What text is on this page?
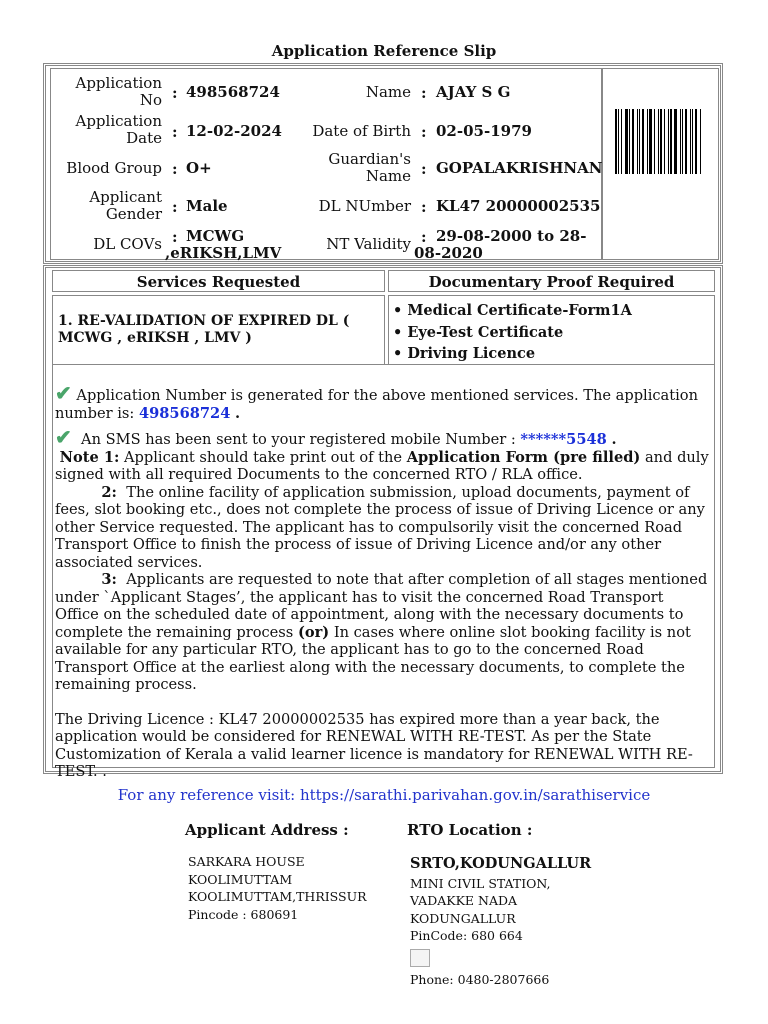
Application Reference Slip
Application No : 498568724	Name : AJAY S G
Application Date : 12-02-2024	Date of Birth : 02-05-1979
Blood Group : O+	Guardian's Name : GOPALAKRISHNAN
Applicant Gender : Male	DL NUmber : KL47 20000002535
DL COVs : MCWG ,eRIKSH,LMV	NT Validity : 29-08-2000 to 28-08-2020
Services Requested	Documentary Proof Required
1. RE-VALIDATION OF EXPIRED DL ( MCWG , eRIKSH , LMV )
• Medical Certificate-Form1A
• Eye-Test Certificate
• Driving Licence

✔ Application Number is generated for the above mentioned services. The application number is: 498568724 .

✔ An SMS has been sent to your registered mobile Number : ******5548 .

Note 1: Applicant should take print out of the Application Form (pre filled) and duly signed with all required Documents to the concerned RTO / RLA office.

2: The online facility of application submission, upload documents, payment of fees, slot booking etc., does not complete the process of issue of Driving Licence or any other Service requested. The applicant has to compulsorily visit the concerned Road Transport Office to finish the process of issue of Driving Licence and/or any other associated services.

3: Applicants are requested to note that after completion of all stages mentioned under `Applicant Stages’, the applicant has to visit the concerned Road Transport Office on the scheduled date of appointment, along with the necessary documents to complete the remaining process (or) In cases where online slot booking facility is not available for any particular RTO, the applicant has to go to the concerned Road Transport Office at the earliest along with the necessary documents, to complete the remaining process.

The Driving Licence : KL47 20000002535 has expired more than a year back, the application would be considered for RENEWAL WITH RE-TEST. As per the State Customization of Kerala a valid learner licence is mandatory for RENEWAL WITH RE-TEST. .

For any reference visit: https://sarathi.parivahan.gov.in/sarathiservice
Applicant Address :	RTO Location :
SARKARA HOUSE
KOOLIMUTTAM
KOOLIMUTTAM,THRISSUR
Pincode : 680691
SRTO,KODUNGALLUR
MINI CIVIL STATION,
VADAKKE NADA
KODUNGALLUR
PinCode: 680 664
Phone: 0480-2807666
